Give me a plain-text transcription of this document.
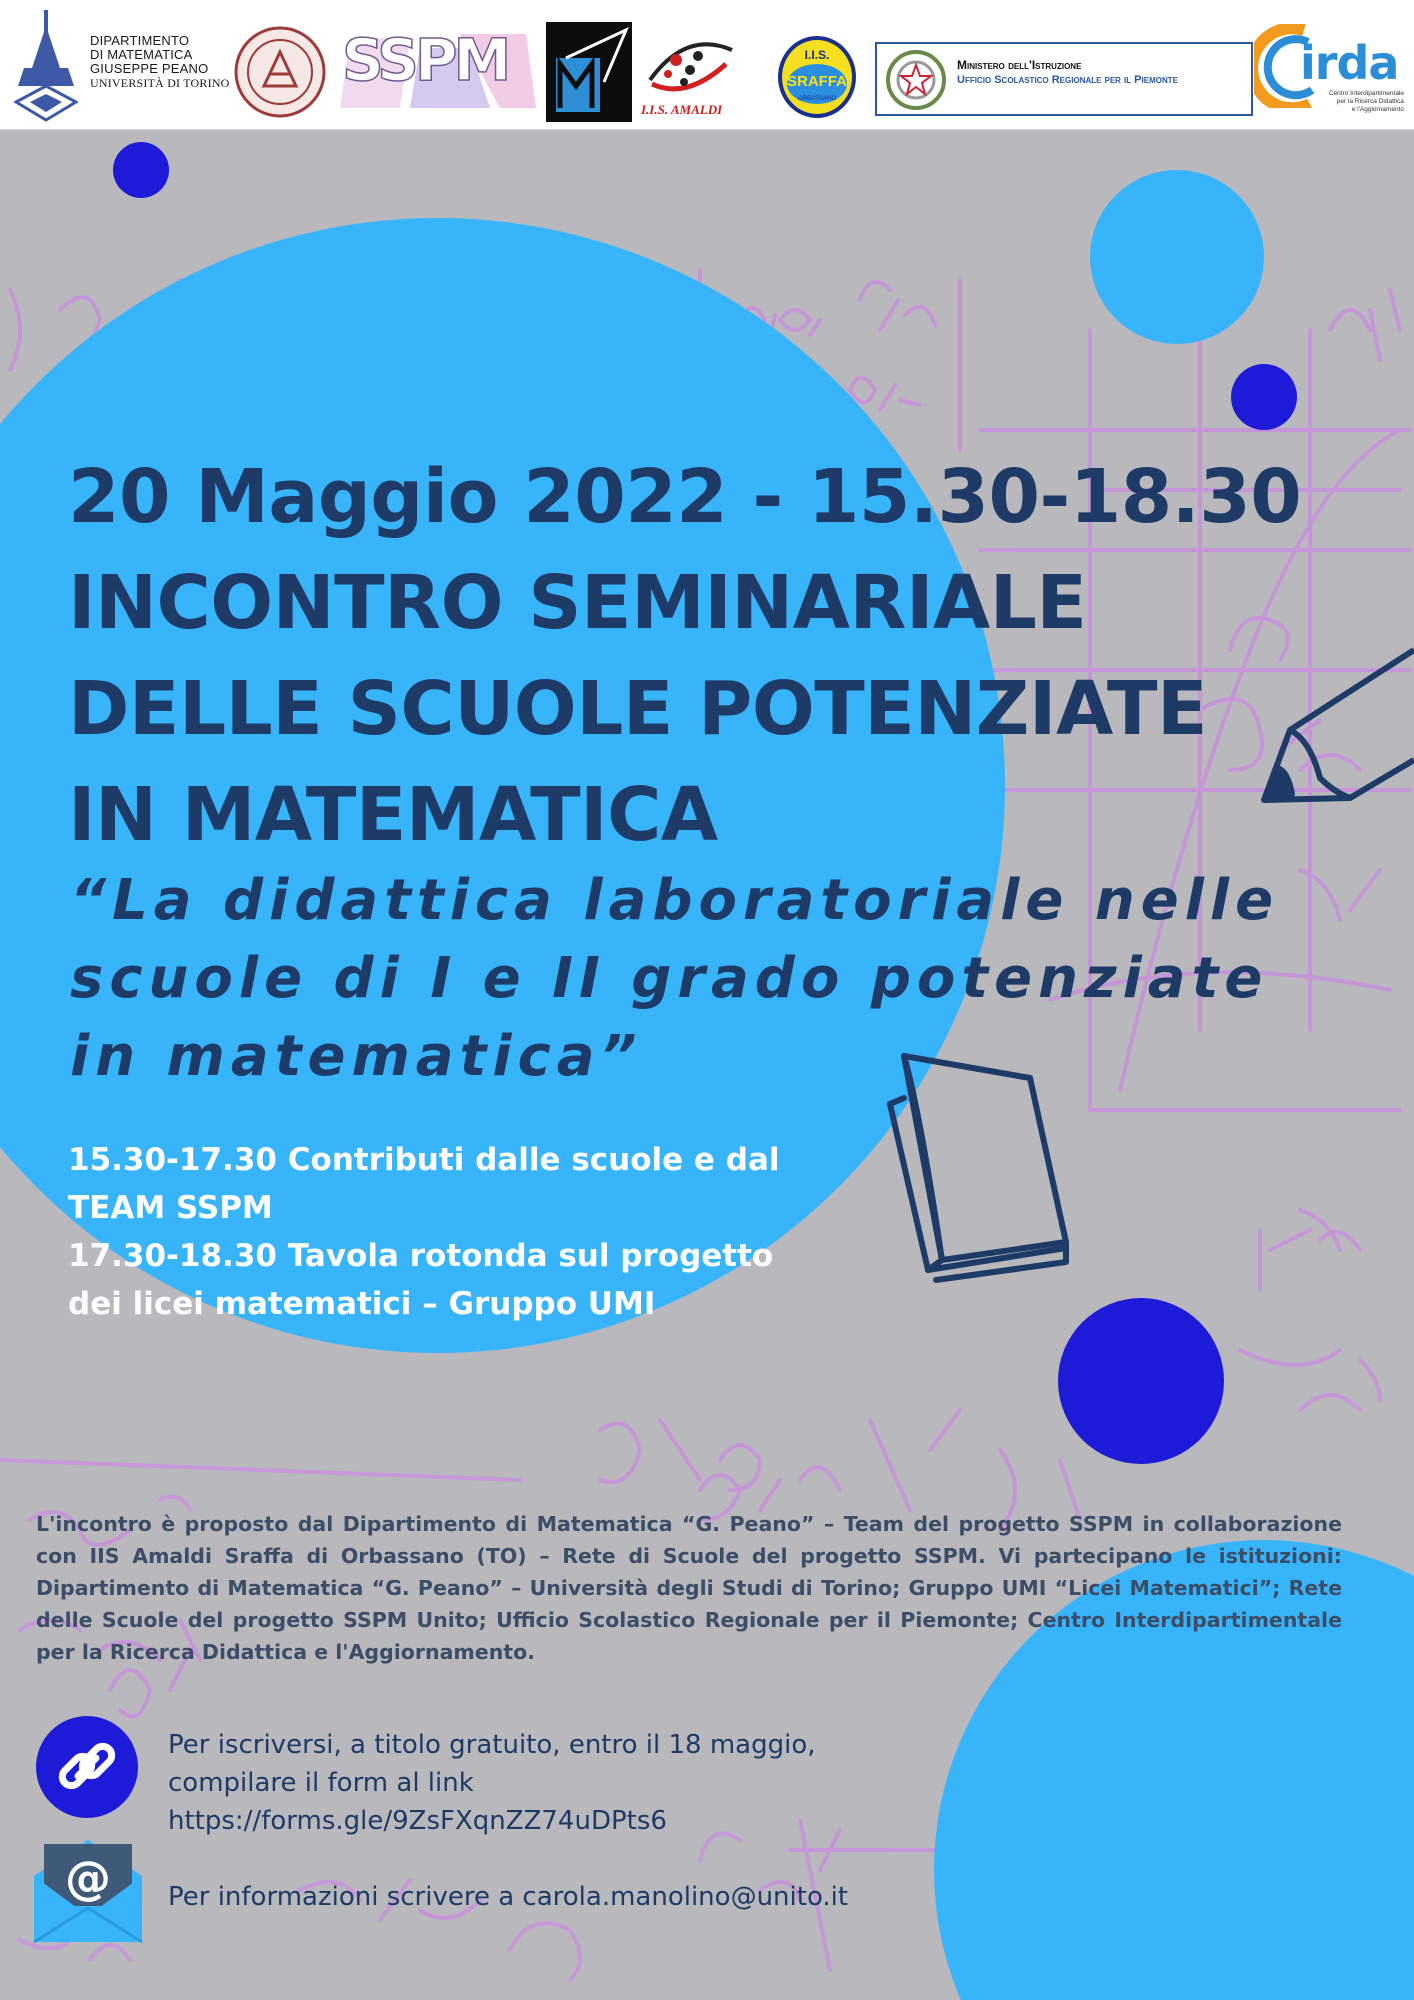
DIPARTIMENTO
DI MATEMATICA
GIUSEPPE PEANO
UNIVERSITÀ DI TORINO SSPM
I.I.S. AMALDI
I.I.S.
SRAFFA
ORBASSANO
Ministero dell'Istruzione
Ufficio Scolastico Regionale per il Piemonte	irda
Centro Interdipartimentale
per la Ricerca Didattica
e l'Aggiornamento
20 Maggio 2022 - 15.30-18.30
INCONTRO SEMINARIALE
DELLE SCUOLE POTENZIATE
IN MATEMATICA
“La didattica laboratoriale nelle
scuole di I e II grado potenziate
in matematica”
15.30-17.30 Contributi dalle scuole e dal
TEAM SSPM
17.30-18.30 Tavola rotonda sul progetto
dei licei matematici – Gruppo UMI
L'incontro è proposto dal Dipartimento di Matematica “G. Peano” – Team del progetto SSPM in collaborazione con IIS Amaldi Sraffa di Orbassano (TO) – Rete di Scuole del progetto SSPM. Vi partecipano le istituzioni: Dipartimento di Matematica “G. Peano” – Università degli Studi di Torino; Gruppo UMI “Licei Matematici”; Rete delle Scuole del progetto SSPM Unito; Ufficio Scolastico Regionale per il Piemonte; Centro Interdipartimentale per la Ricerca Didattica e l'Aggiornamento.
Per iscriversi, a titolo gratuito, entro il 18 maggio,
compilare il form al link
https://forms.gle/9ZsFXqnZZ74uDPts6
@ Per informazioni scrivere a carola.manolino@unito.it
